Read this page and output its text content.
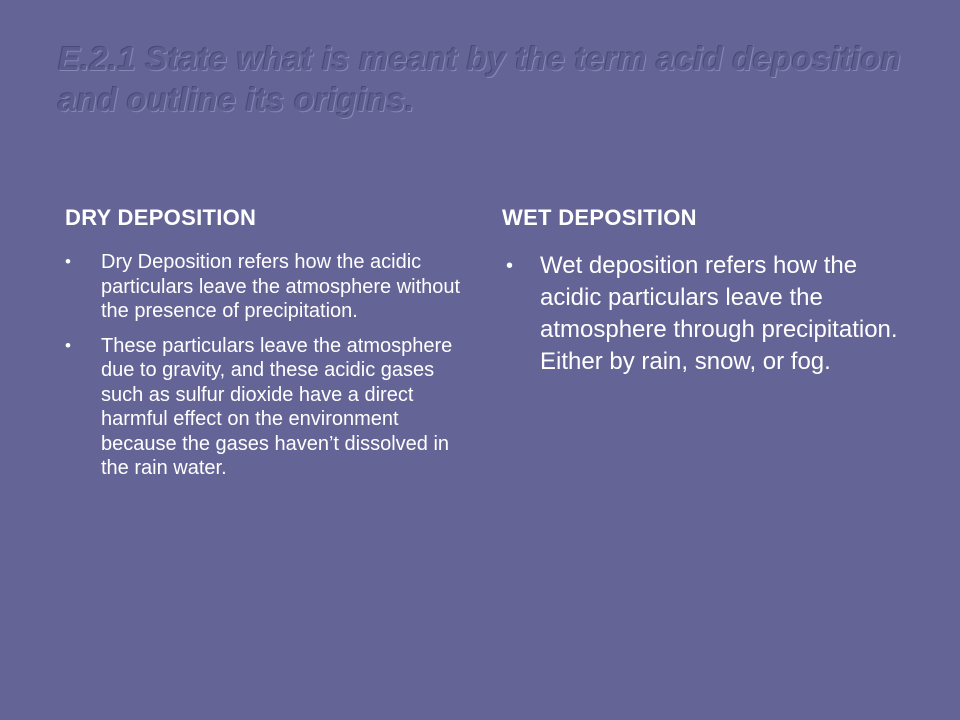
E.2.1 State what is meant by the term acid deposition and outline its origins.
DRY DEPOSITION
• Dry Deposition refers how the acidic particulars leave the atmosphere without the presence of precipitation.
• These particulars leave the atmosphere due to gravity, and these acidic gases such as sulfur dioxide have a direct harmful effect on the environment because the gases haven’t dissolved in the rain water.
WET DEPOSITION
• Wet deposition refers how the acidic particulars leave the atmosphere through precipitation. Either by rain, snow, or fog.
